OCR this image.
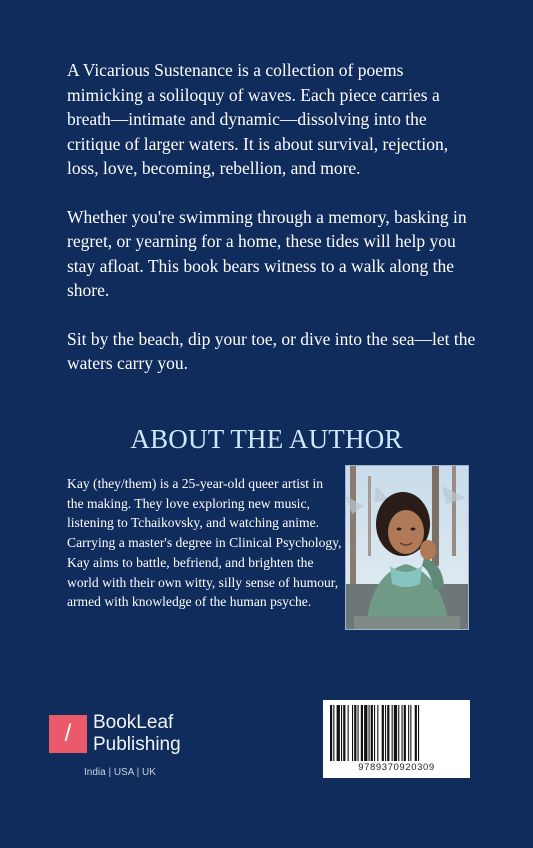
A Vicarious Sustenance is a collection of poems mimicking a soliloquy of waves. Each piece carries a breath—intimate and dynamic—dissolving into the critique of larger waters. It is about survival, rejection, loss, love, becoming, rebellion, and more.

Whether you're swimming through a memory, basking in regret, or yearning for a home, these tides will help you stay afloat. This book bears witness to a walk along the shore.

Sit by the beach, dip your toe, or dive into the sea—let the waters carry you.

ABOUT THE AUTHOR
Kay (they/them) is a 25-year-old queer artist in the making. They love exploring new music, listening to Tchaikovsky, and watching anime. Carrying a master's degree in Clinical Psychology, Kay aims to battle, befriend, and brighten the world with their own witty, silly sense of humour, armed with knowledge of the human psyche.
/	BookLeaf
Publishing
India | USA | UK	9789370920309
